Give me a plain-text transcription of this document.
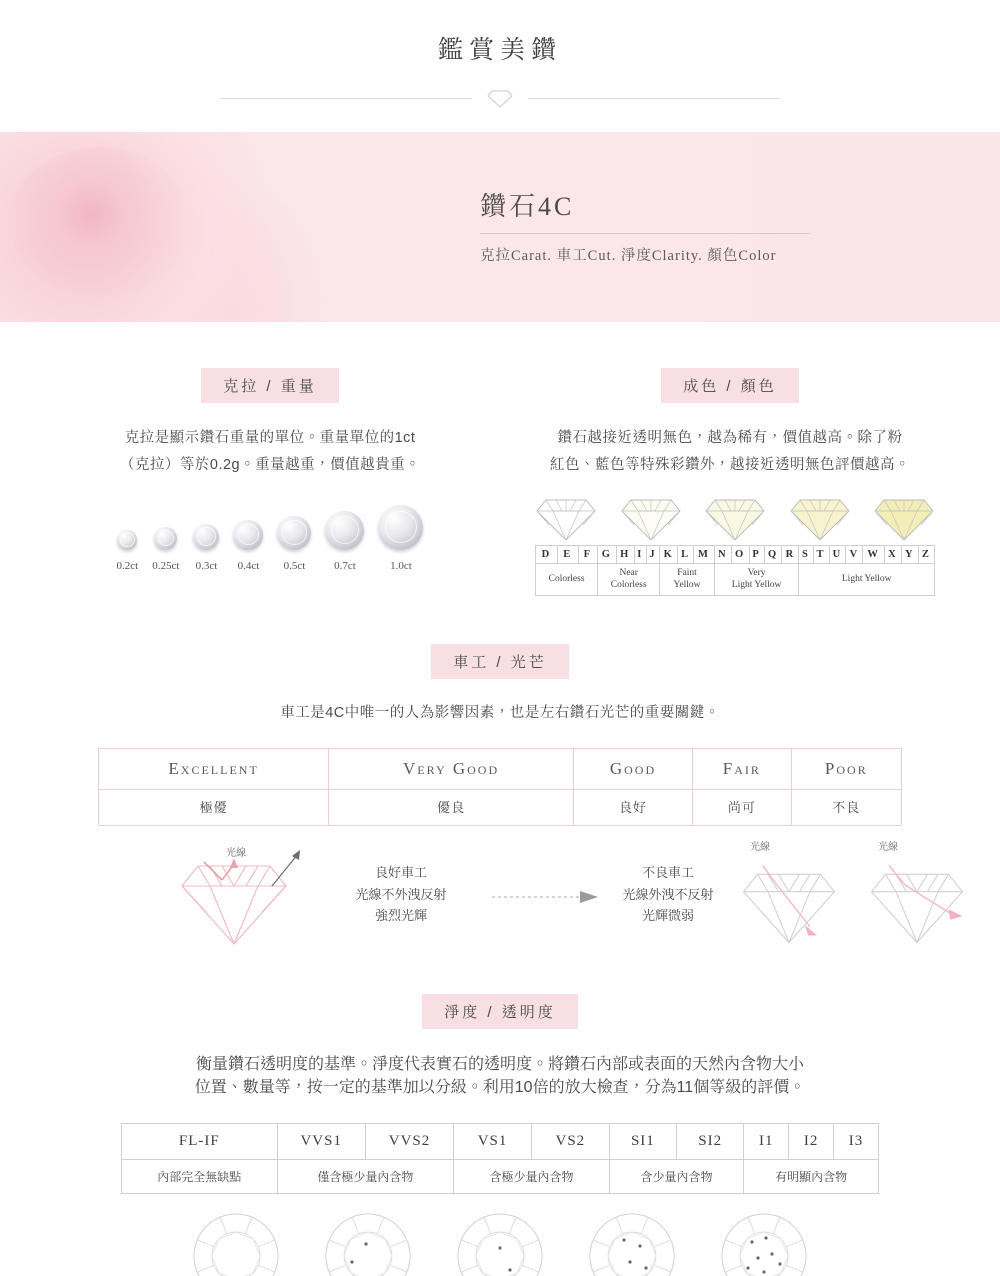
鑑賞美鑽
鑽石4C
克拉Carat. 車工Cut. 淨度Clarity. 顏色Color
克拉 / 重量

克拉是顯示鑽石重量的單位。重量單位的1ct
（克拉）等於0.2g。重量越重，價值越貴重。

0.2ct 0.25ct 0.3ct	0.4ct	0.5ct	0.7ct	1.0ct
成色 / 顏色

鑽石越接近透明無色，越為稀有，價值越高。除了粉
紅色、藍色等特殊彩鑽外，越接近透明無色評價越高。

D	E	F	G	H	I	J	K	L	M	N	O	P	Q	R	S	T	U	V	W	X	Y	Z

Colorless

Near
Colorless

Faint
Yellow

Very
Light Yellow

Light Yellow
車工 / 光芒
車工是4C中唯一的人為影響因素，也是左右鑽石光芒的重要關鍵。
Excellent	Very Good	Good	Fair	Poor
極優	優良	良好	尚可	不良
光線
良好車工
光線不外洩反射
強烈光輝
不良車工
光線外洩不反射
光輝微弱
光線	光線
淨度 / 透明度

衡量鑽石透明度的基準。淨度代表實石的透明度。將鑽石內部或表面的天然內含物大小
位置、數量等，按一定的基準加以分級。利用10倍的放大檢查，分為11個等級的評價。

FL-IF	VVS1	VVS2	VS1	VS2	SI1	SI2	I1	I2	I3
內部完全無缺點	僅含極少量內含物		含極少量內含物		含少量內含物		有明顯內含物		
